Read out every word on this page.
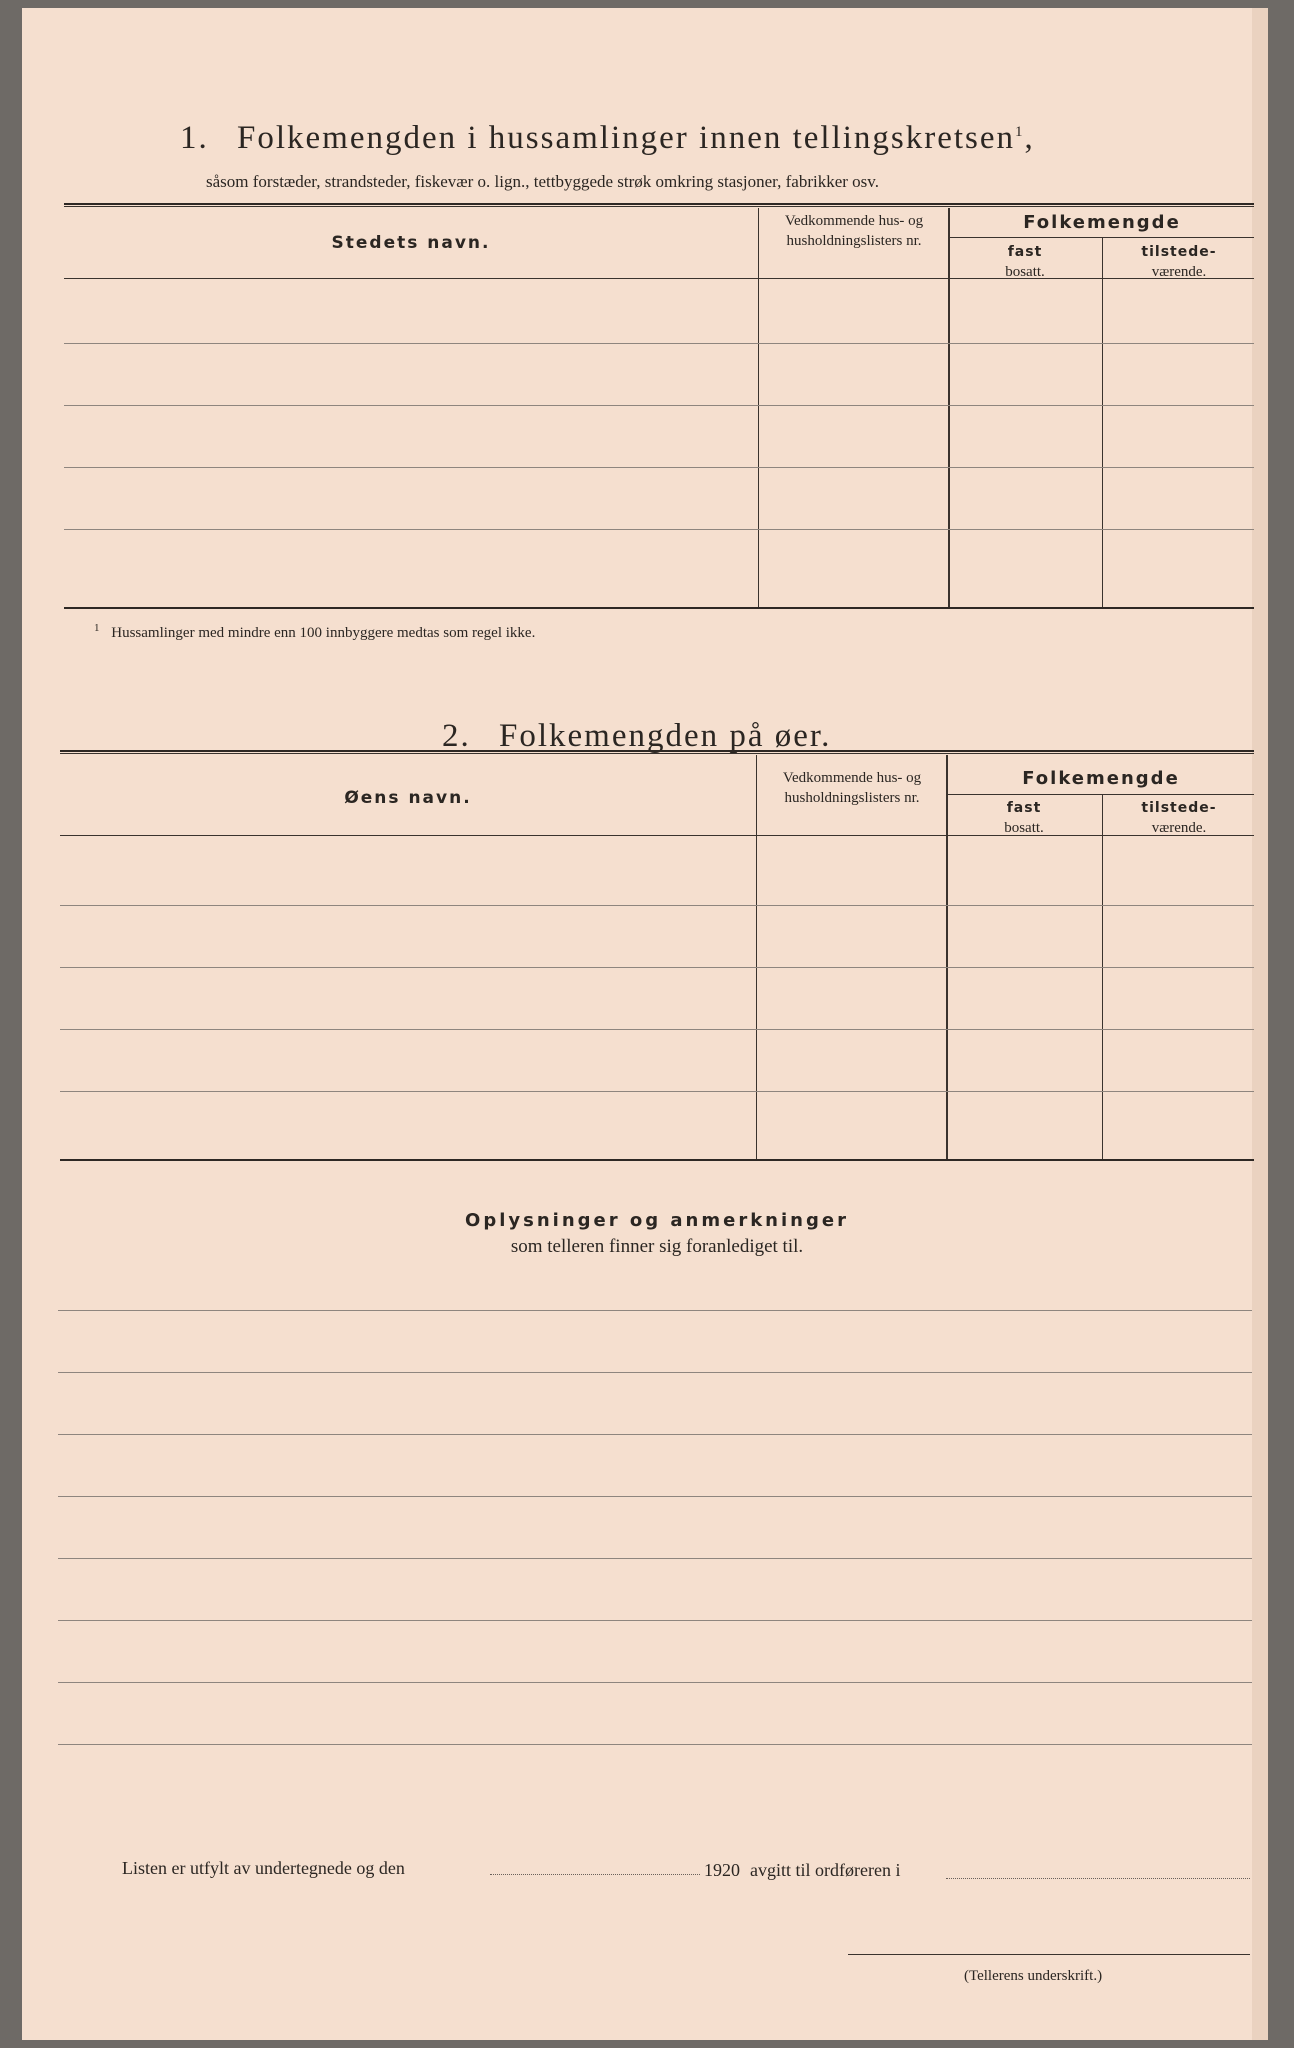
1. Folkemengden i hussamlinger innen tellingskretsen$^1$,
såsom forstæder, strandsteder, fiskevær o. lign., tettbyggede strøk omkring stasjoner, fabrikker osv.
Stedets navn.
Vedkommende hus- og husholdningslisters nr.
Folkemengde
fast
bosatt.
tilstede-
værende.
$^1$ Hussamlinger med mindre enn 100 innbyggere medtas som regel ikke.
2. Folkemengden på øer.
Øens navn.
Vedkommende hus- og husholdningslisters nr.
Folkemengde
fast
bosatt.
tilstede-
værende.
Oplysninger og anmerkninger
som telleren finner sig foranlediget til.
Listen er utfylt av undertegnede og den	1920 avgitt til ordføreren i
(Tellerens underskrift.)
